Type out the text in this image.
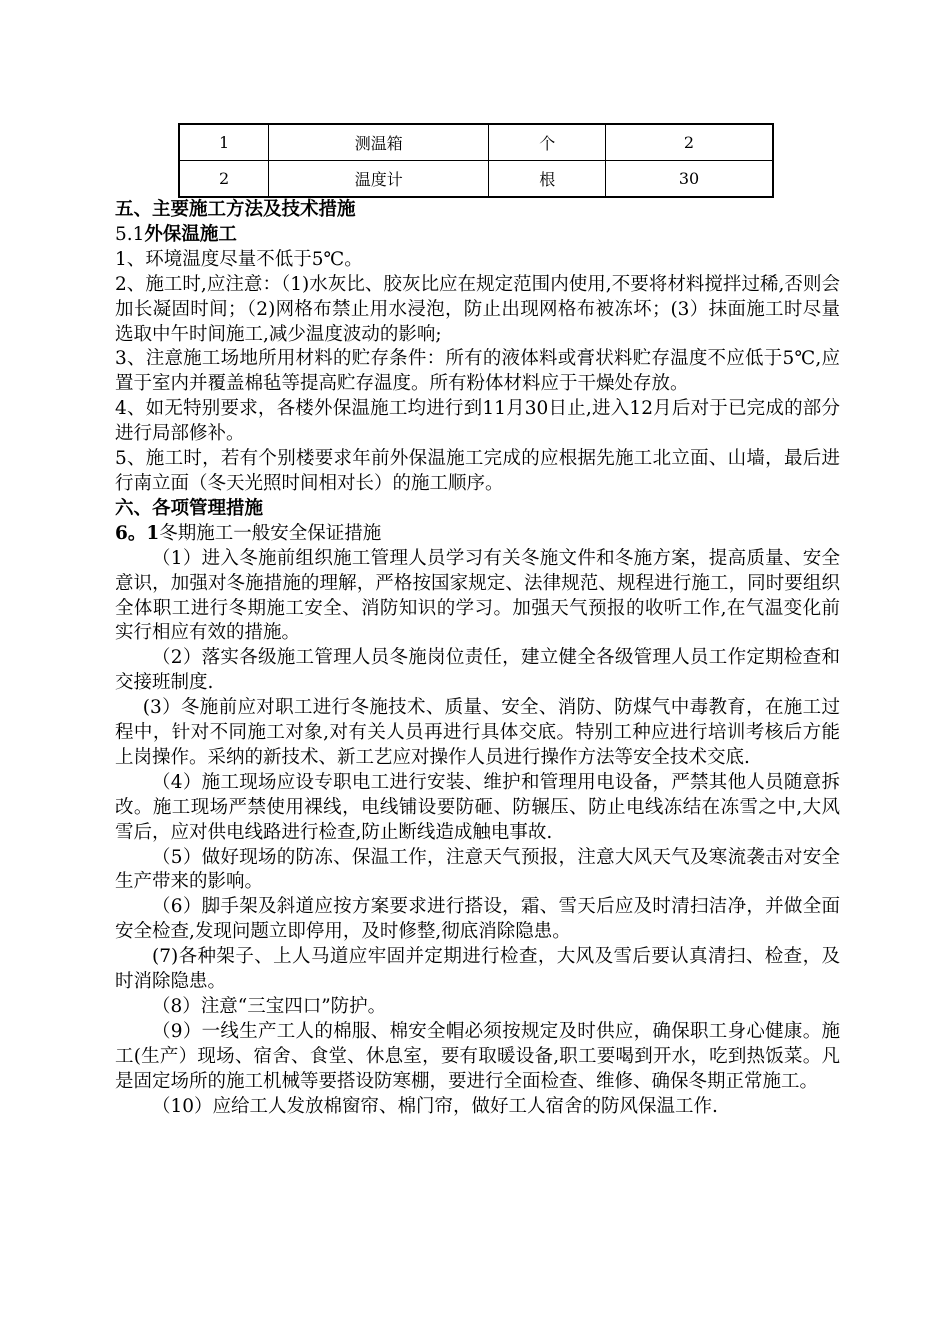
1	测温箱	个	2
2	温度计	根	30

五、主要施工方法及技术措施

5.1外保温施工

1、环境温度尽量不低于5℃。

2、施工时,应注意：（1)水灰比、胶灰比应在规定范围内使用,不要将材料搅拌过稀,否则会加长凝固时间；（2)网格布禁止用水浸泡，防止出现网格布被冻坏；(3）抹面施工时尽量选取中午时间施工,减少温度波动的影响;

3、注意施工场地所用材料的贮存条件：所有的液体料或膏状料贮存温度不应低于5℃,应置于室内并覆盖棉毡等提高贮存温度。所有粉体材料应于干燥处存放。

4、如无特别要求，各楼外保温施工均进行到11月30日止,进入12月后对于已完成的部分进行局部修补。

5、施工时，若有个别楼要求年前外保温施工完成的应根据先施工北立面、山墙，最后进行南立面（冬天光照时间相对长）的施工顺序。

六、各项管理措施

6。1冬期施工一般安全保证措施

（1）进入冬施前组织施工管理人员学习有关冬施文件和冬施方案，提高质量、安全意识，加强对冬施措施的理解，严格按国家规定、法律规范、规程进行施工，同时要组织全体职工进行冬期施工安全、消防知识的学习。加强天气预报的收听工作,在气温变化前实行相应有效的措施。

（2）落实各级施工管理人员冬施岗位责任，建立健全各级管理人员工作定期检查和交接班制度.

(3）冬施前应对职工进行冬施技术、质量、安全、消防、防煤气中毒教育，在施工过程中，针对不同施工对象,对有关人员再进行具体交底。特别工种应进行培训考核后方能上岗操作。采纳的新技术、新工艺应对操作人员进行操作方法等安全技术交底.

（4）施工现场应设专职电工进行安装、维护和管理用电设备，严禁其他人员随意拆改。施工现场严禁使用裸线，电线铺设要防砸、防辗压、防止电线冻结在冻雪之中,大风雪后，应对供电线路进行检查,防止断线造成触电事故.

（5）做好现场的防冻、保温工作，注意天气预报，注意大风天气及寒流袭击对安全生产带来的影响。

（6）脚手架及斜道应按方案要求进行搭设，霜、雪天后应及时清扫洁净，并做全面安全检查,发现问题立即停用，及时修整,彻底消除隐患。

(7)各种架子、上人马道应牢固并定期进行检查，大风及雪后要认真清扫、检查，及时消除隐患。

（8）注意“三宝四口”防护。

（9）一线生产工人的棉服、棉安全帽必须按规定及时供应，确保职工身心健康。施工(生产）现场、宿舍、食堂、休息室，要有取暖设备,职工要喝到开水，吃到热饭菜。凡是固定场所的施工机械等要搭设防寒棚，要进行全面检查、维修、确保冬期正常施工。

（10）应给工人发放棉窗帘、棉门帘，做好工人宿舍的防风保温工作.
